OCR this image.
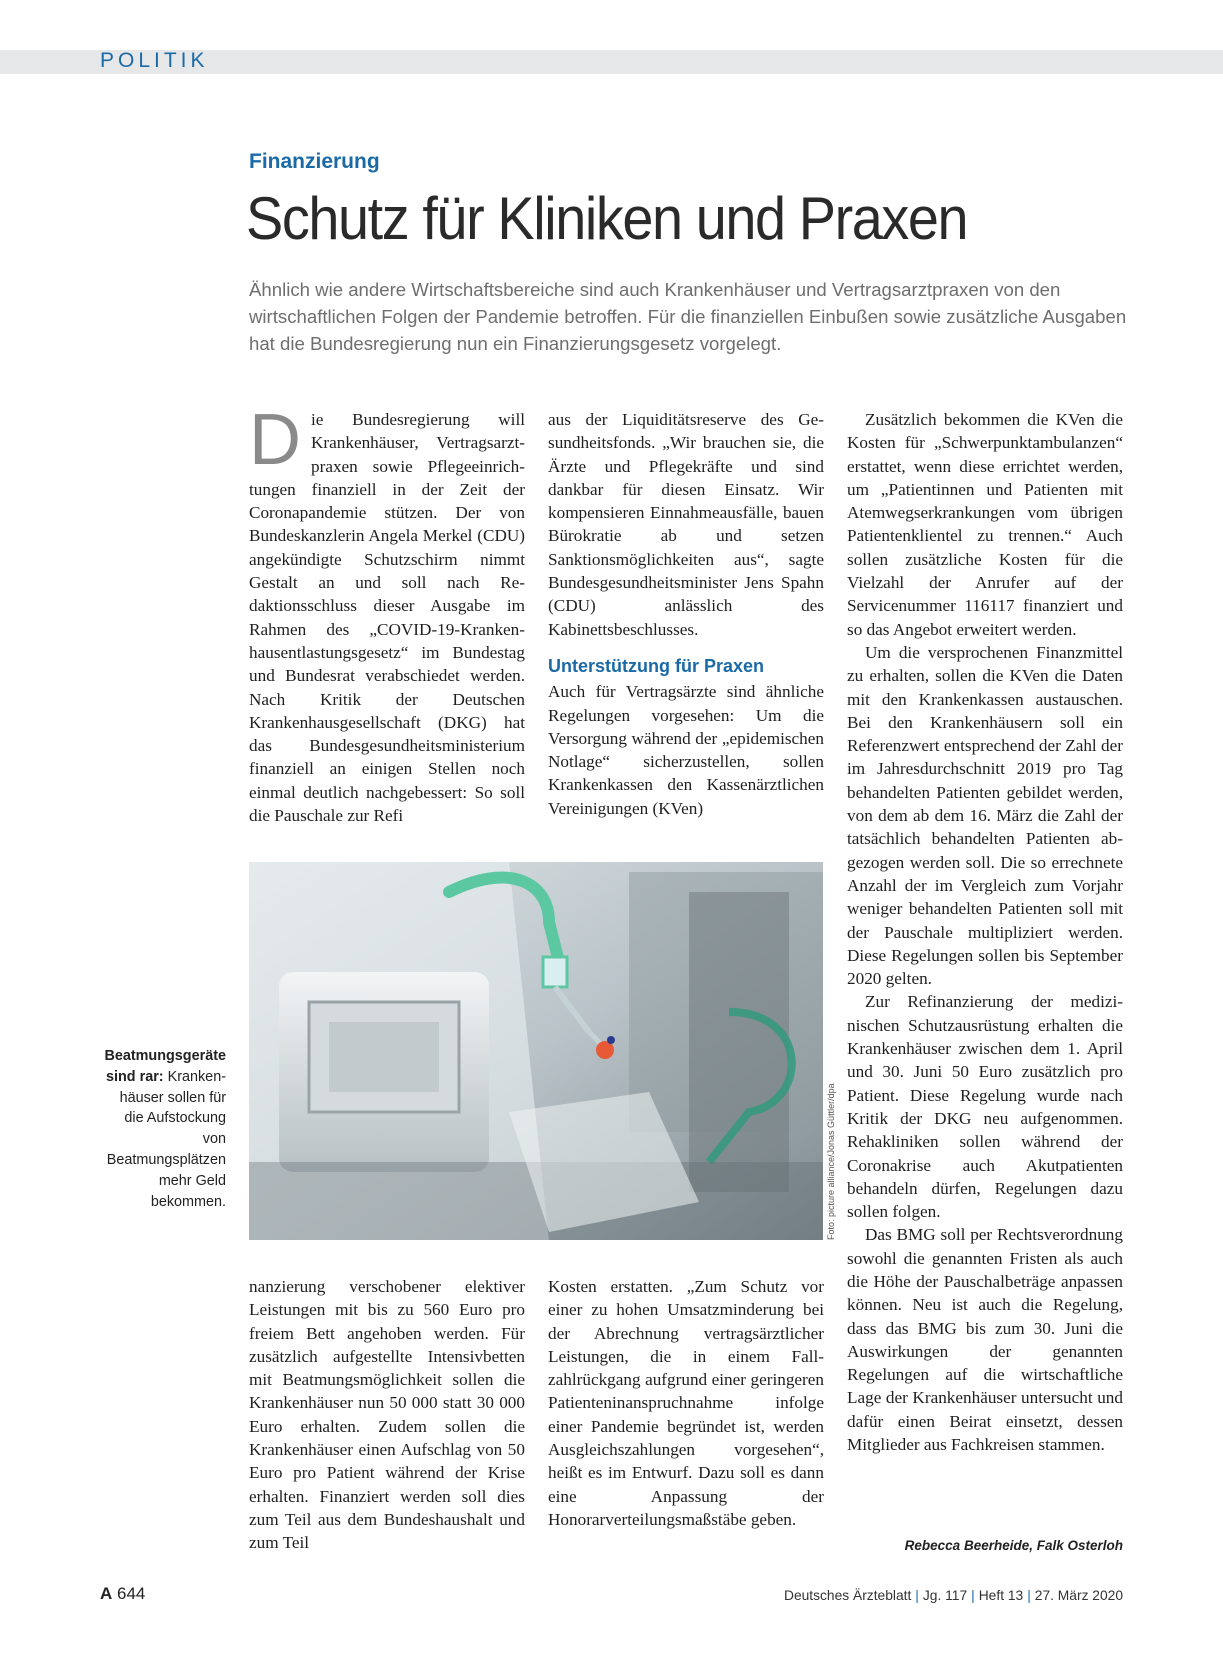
POLITIK
Finanzierung
Schutz für Kliniken und Praxen
Ähnlich wie andere Wirtschaftsbereiche sind auch Krankenhäuser und Vertragsarztpraxen von den wirtschaftlichen Folgen der Pandemie betroffen. Für die finanziellen Einbußen sowie zusätzliche Ausgaben hat die Bundesregierung nun ein Finanzierungsgesetz vorgelegt.

Die Bundesregierung will Krankenhäuser, Vertragsarztpraxen sowie Pflegeeinrichtungen finanziell in der Zeit der Coronapandemie stützen. Der von Bundeskanzlerin Angela Merkel (CDU) angekündigte Schutzschirm nimmt Gestalt an und soll nach Redaktionsschluss dieser Ausgabe im Rahmen des „COVID-19-Krankenhausentlastungsgesetz“ im Bundestag und Bundesrat verabschiedet werden. Nach Kritik der Deutschen Krankenhausgesellschaft (DKG) hat das Bundesgesundheitsministerium finanziell an einigen Stellen noch einmal deutlich nachgebessert: So soll die Pauschale zur Refi

aus der Liquiditätsreserve des Gesundheitsfonds. „Wir brauchen sie, die Ärzte und Pflegekräfte und sind dankbar für diesen Einsatz. Wir kompensieren Einnahmeausfälle, bauen Bürokratie ab und setzen Sanktionsmöglichkeiten aus“, sagte Bundesgesundheitsminister Jens Spahn (CDU) anlässlich des Kabinettsbeschlusses.

Unterstützung für Praxen

Auch für Vertragsärzte sind ähnliche Regelungen vorgesehen: Um die Versorgung während der „epidemischen Notlage“ sicherzustellen, sollen Krankenkassen den Kassenärztlichen Vereinigungen (KVen)

Zusätzlich bekommen die KVen die Kosten für „Schwerpunktambulanzen“ erstattet, wenn diese errichtet werden, um „Patientinnen und Patienten mit Atemwegserkrankungen vom übrigen Patientenklientel zu trennen.“ Auch sollen zusätzliche Kosten für die Vielzahl der Anrufer auf der Servicenummer 116117 finanziert und so das Angebot erweitert werden.

Um die versprochenen Finanzmittel zu erhalten, sollen die KVen die Daten mit den Krankenkassen austauschen. Bei den Krankenhäusern soll ein Referenzwert entsprechend der Zahl der im Jahresdurchschnitt 2019 pro Tag behandelten Patienten gebildet werden, von dem ab dem 16. März die Zahl der tatsächlich behandelten Patienten abgezogen werden soll. Die so errechnete Anzahl der im Vergleich zum Vorjahr weniger behandelten Patienten soll mit der Pauschale multipliziert werden. Diese Regelungen sollen bis September 2020 gelten.

Zur Refinanzierung der medizinischen Schutzausrüstung erhalten die Krankenhäuser zwischen dem 1. April und 30. Juni 50 Euro zusätzlich pro Patient. Diese Regelung wurde nach Kritik der DKG neu aufgenommen. Rehakliniken sollen während der Coronakrise auch Akutpatienten behandeln dürfen, Regelungen dazu sollen folgen.

Das BMG soll per Rechtsverordnung sowohl die genannten Fristen als auch die Höhe der Pauschalbeträge anpassen können. Neu ist auch die Regelung, dass das BMG bis zum 30. Juni die Auswirkungen der genannten Regelungen auf die wirtschaftliche Lage der Krankenhäuser untersucht und dafür einen Beirat einsetzt, dessen Mitglieder aus Fachkreisen stammen.

Foto: picture alliance/Jonas Güttler/dpa
Beatmungsgeräte sind rar: Krankenhäuser sollen für die Aufstockung von Beatmungsplätzen mehr Geld bekommen.

nanzierung verschobener elektiver Leistungen mit bis zu 560 Euro pro freiem Bett angehoben werden. Für zusätzlich aufgestellte Intensivbetten mit Beatmungsmöglichkeit sollen die Krankenhäuser nun 50 000 statt 30 000 Euro erhalten. Zudem sollen die Krankenhäuser einen Aufschlag von 50 Euro pro Patient während der Krise erhalten. Finanziert werden soll dies zum Teil aus dem Bundeshaushalt und zum Teil

Kosten erstatten. „Zum Schutz vor einer zu hohen Umsatzminderung bei der Abrechnung vertragsärztlicher Leistungen, die in einem Fallzahlrückgang aufgrund einer geringeren Patienteninanspruchnahme infolge einer Pandemie begründet ist, werden Ausgleichszahlungen vorgesehen“, heißt es im Entwurf. Dazu soll es dann eine Anpassung der Honorarverteilungsmaßstäbe geben.

Rebecca Beerheide, Falk Osterloh
A 644	Deutsches Ärzteblatt | Jg. 117 | Heft 13 | 27. März 2020
